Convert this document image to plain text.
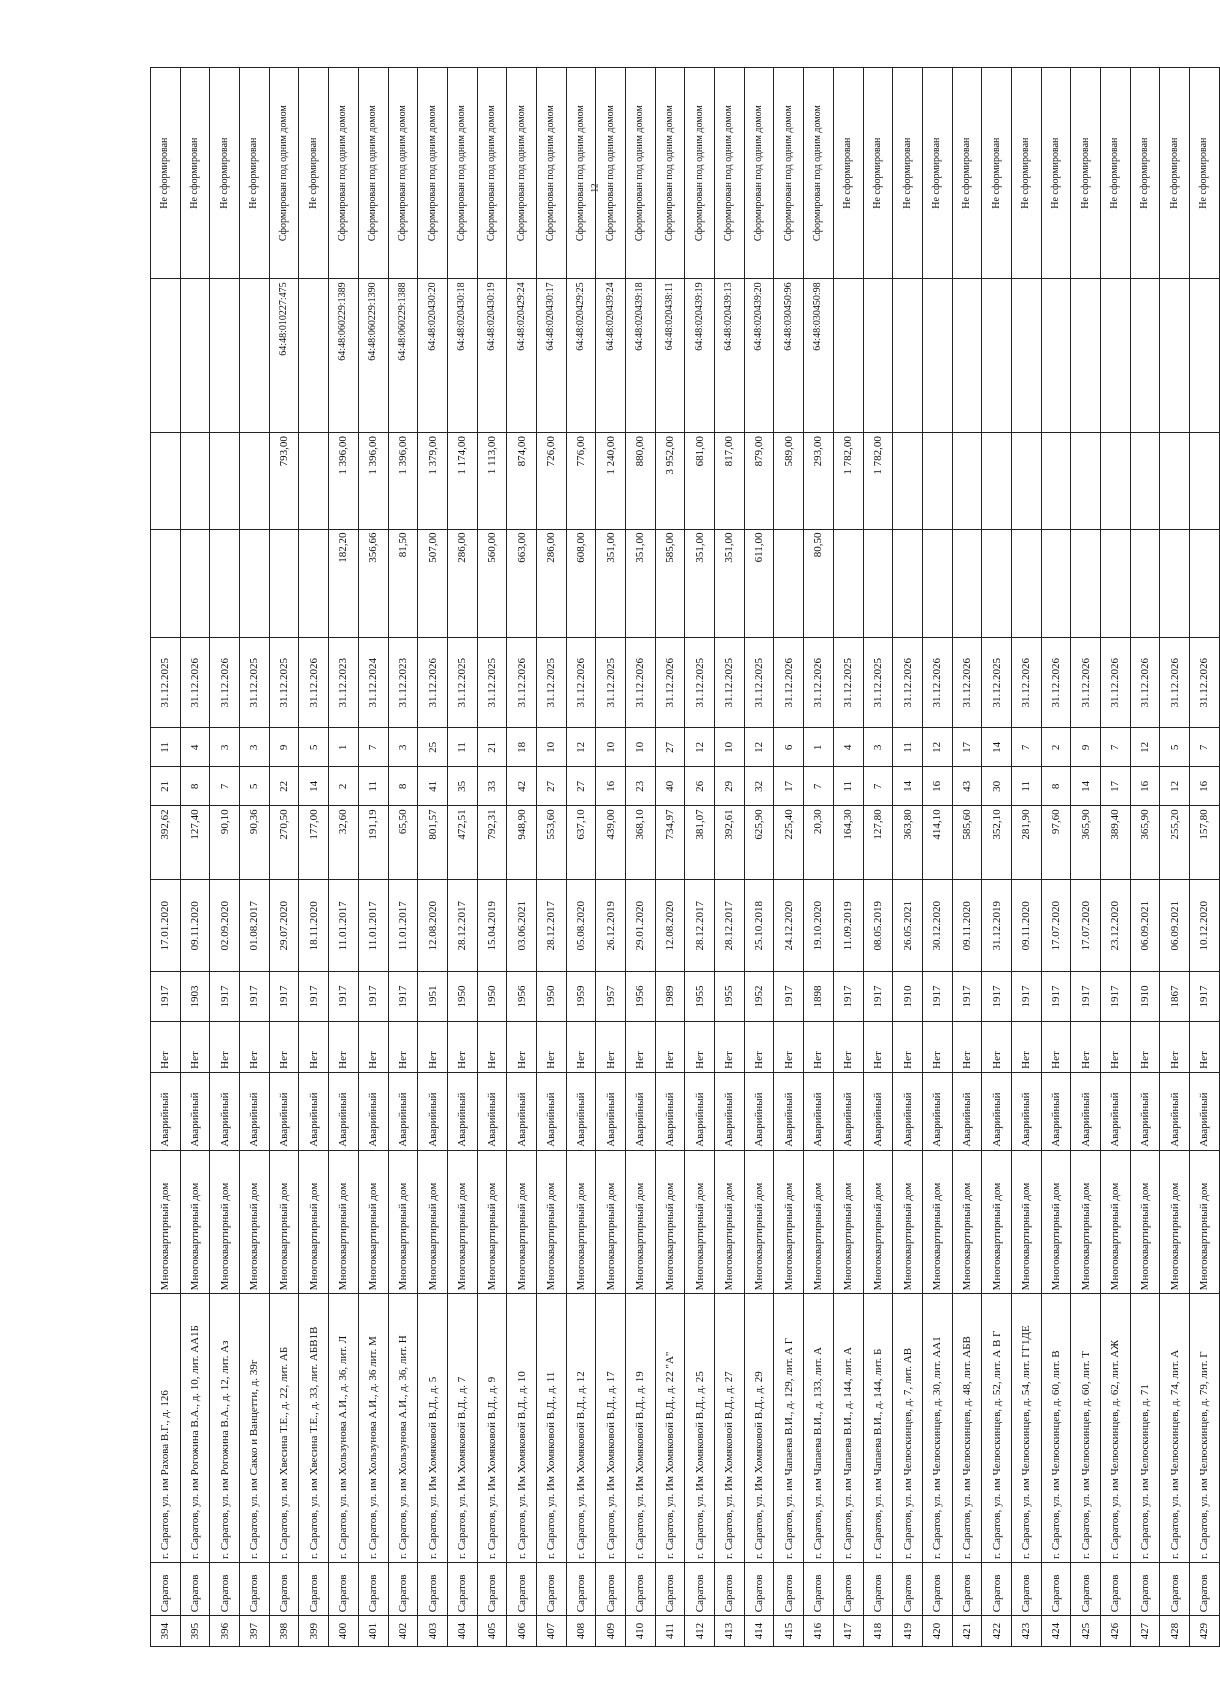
12
394	Саратов	г. Саратов, ул. им Рахова В.Г., д. 126	Многоквартирный дом	Аварийный	Нет	1917	17.01.2020	392,62	21	11	31.12.2025				Не сформирован
395	Саратов	г. Саратов, ул. им Рогожина В.А., д. 10, лит. АА1Б	Многоквартирный дом	Аварийный	Нет	1903	09.11.2020	127,40	8	4	31.12.2026				Не сформирован
396	Саратов	г. Саратов, ул. им Рогожина В.А., д. 12, лит. Аз	Многоквартирный дом	Аварийный	Нет	1917	02.09.2020	90,10	7	3	31.12.2026				Не сформирован
397	Саратов	г. Саратов, ул. им Сакко и Ванцетти, д. 39г	Многоквартирный дом	Аварийный	Нет	1917	01.08.2017	90,36	5	3	31.12.2025				Не сформирован
398	Саратов	г. Саратов, ул. им Хвесина Т.Е., д. 22, лит. АБ	Многоквартирный дом	Аварийный	Нет	1917	29.07.2020	270,50	22	9	31.12.2025		793,00	64:48:010227:475	Сформирован под одним домом
399	Саратов	г. Саратов, ул. им Хвесина Т.Е., д. 33, лит. АБВ1В	Многоквартирный дом	Аварийный	Нет	1917	18.11.2020	177,00	14	5	31.12.2026				Не сформирован
400	Саратов	г. Саратов, ул. им Хользунова А.И., д. 36, лит. Л	Многоквартирный дом	Аварийный	Нет	1917	11.01.2017	32,60	2	1	31.12.2023	182,20	1 396,00	64:48:060229:1389	Сформирован под одним домом
401	Саратов	г. Саратов, ул. им Хользунова А.И., д. 36 лит. М	Многоквартирный дом	Аварийный	Нет	1917	11.01.2017	191,19	11	7	31.12.2024	356,66	1 396,00	64:48:060229:1390	Сформирован под одним домом
402	Саратов	г. Саратов, ул. им Хользунова А.И., д. 36, лит. Н	Многоквартирный дом	Аварийный	Нет	1917	11.01.2017	65,50	8	3	31.12.2023	81,50	1 396,00	64:48:060229:1388	Сформирован под одним домом
403	Саратов	г. Саратов, ул. Им Хомяковой В.Д., д. 5	Многоквартирный дом	Аварийный	Нет	1951	12.08.2020	801,57	41	25	31.12.2026	507,00	1 379,00	64:48:020430:20	Сформирован под одним домом
404	Саратов	г. Саратов, ул. Им Хомяковой В.Д., д. 7	Многоквартирный дом	Аварийный	Нет	1950	28.12.2017	472,51	35	11	31.12.2025	286,00	1 174,00	64:48:020430:18	Сформирован под одним домом
405	Саратов	г. Саратов, ул. Им Хомяковой В.Д., д. 9	Многоквартирный дом	Аварийный	Нет	1950	15.04.2019	792,31	33	21	31.12.2025	560,00	1 113,00	64:48:020430:19	Сформирован под одним домом
406	Саратов	г. Саратов, ул. Им Хомяковой В.Д., д. 10	Многоквартирный дом	Аварийный	Нет	1956	03.06.2021	948,90	42	18	31.12.2026	663,00	874,00	64:48:020429:24	Сформирован под одним домом
407	Саратов	г. Саратов, ул. Им Хомяковой В.Д., д. 11	Многоквартирный дом	Аварийный	Нет	1950	28.12.2017	553,60	27	10	31.12.2025	286,00	726,00	64:48:020430:17	Сформирован под одним домом
408	Саратов	г. Саратов, ул. Им Хомяковой В.Д., д. 12	Многоквартирный дом	Аварийный	Нет	1959	05.08.2020	637,10	27	12	31.12.2026	608,00	776,00	64:48:020429:25	Сформирован под одним домом
409	Саратов	г. Саратов, ул. Им Хомяковой В.Д., д. 17	Многоквартирный дом	Аварийный	Нет	1957	26.12.2019	439,00	16	10	31.12.2025	351,00	1 240,00	64:48:020439:24	Сформирован под одним домом
410	Саратов	г. Саратов, ул. Им Хомяковой В.Д., д. 19	Многоквартирный дом	Аварийный	Нет	1956	29.01.2020	368,10	23	10	31.12.2026	351,00	880,00	64:48:020439:18	Сформирован под одним домом
411	Саратов	г. Саратов, ул. Им Хомяковой В.Д., д. 22 "А"	Многоквартирный дом	Аварийный	Нет	1989	12.08.2020	734,97	40	27	31.12.2026	585,00	3 952,00	64:48:020438:11	Сформирован под одним домом
412	Саратов	г. Саратов, ул. Им Хомяковой В.Д., д. 25	Многоквартирный дом	Аварийный	Нет	1955	28.12.2017	381,07	26	12	31.12.2025	351,00	681,00	64:48:020439:19	Сформирован под одним домом
413	Саратов	г. Саратов, ул. Им Хомяковой В.Д., д. 27	Многоквартирный дом	Аварийный	Нет	1955	28.12.2017	392,61	29	10	31.12.2025	351,00	817,00	64:48:020439:13	Сформирован под одним домом
414	Саратов	г. Саратов, ул. Им Хомяковой В.Д., д. 29	Многоквартирный дом	Аварийный	Нет	1952	25.10.2018	625,90	32	12	31.12.2025	611,00	879,00	64:48:020439:20	Сформирован под одним домом
415	Саратов	г. Саратов, ул. им Чапаева В.И., д. 129, лит. А Г	Многоквартирный дом	Аварийный	Нет	1917	24.12.2020	225,40	17	6	31.12.2026		589,00	64:48:030450:96	Сформирован под одним домом
416	Саратов	г. Саратов, ул. им Чапаева В.И., д. 133, лит. А	Многоквартирный дом	Аварийный	Нет	1898	19.10.2020	20,30	7	1	31.12.2026	80,50	293,00	64:48:030450:98	Сформирован под одним домом
417	Саратов	г. Саратов, ул. им Чапаева В.И., д. 144, лит. А	Многоквартирный дом	Аварийный	Нет	1917	11.09.2019	164,30	11	4	31.12.2025		1 782,00		Не сформирован
418	Саратов	г. Саратов, ул. им Чапаева В.И., д. 144, лит. Б	Многоквартирный дом	Аварийный	Нет	1917	08.05.2019	127,80	7	3	31.12.2025		1 782,00		Не сформирован
419	Саратов	г. Саратов, ул. им Челюскинцев, д. 7, лит. АВ	Многоквартирный дом	Аварийный	Нет	1910	26.05.2021	363,80	14	11	31.12.2026				Не сформирован
420	Саратов	г. Саратов, ул. им Челюскинцев, д. 30, лит. АА1	Многоквартирный дом	Аварийный	Нет	1917	30.12.2020	414,10	16	12	31.12.2026				Не сформирован
421	Саратов	г. Саратов, ул. им Челюскинцев, д. 48, лит. АБВ	Многоквартирный дом	Аварийный	Нет	1917	09.11.2020	585,60	43	17	31.12.2026				Не сформирован
422	Саратов	г. Саратов, ул. им Челюскинцев, д. 52, лит. А В Г	Многоквартирный дом	Аварийный	Нет	1917	31.12.2019	352,10	30	14	31.12.2025				Не сформирован
423	Саратов	г. Саратов, ул. им Челюскинцев, д. 54, лит. ГГ1ДЕ	Многоквартирный дом	Аварийный	Нет	1917	09.11.2020	281,90	11	7	31.12.2026				Не сформирован
424	Саратов	г. Саратов, ул. им Челюскинцев, д. 60, лит. В	Многоквартирный дом	Аварийный	Нет	1917	17.07.2020	97,60	8	2	31.12.2026				Не сформирован
425	Саратов	г. Саратов, ул. им Челюскинцев, д. 60, лит. Т	Многоквартирный дом	Аварийный	Нет	1917	17.07.2020	365,90	14	9	31.12.2026				Не сформирован
426	Саратов	г. Саратов, ул. им Челюскинцев, д. 62, лит. АЖ	Многоквартирный дом	Аварийный	Нет	1917	23.12.2020	389,40	17	7	31.12.2026				Не сформирован
427	Саратов	г. Саратов, ул. им Челюскинцев, д. 71	Многоквартирный дом	Аварийный	Нет	1910	06.09.2021	365,90	16	12	31.12.2026				Не сформирован
428	Саратов	г. Саратов, ул. им Челюскинцев, д. 74, лит. А	Многоквартирный дом	Аварийный	Нет	1867	06.09.2021	255,20	12	5	31.12.2026				Не сформирован
429	Саратов	г. Саратов, ул. им Челюскинцев, д. 79, лит. Г	Многоквартирный дом	Аварийный	Нет	1917	10.12.2020	157,80	16	7	31.12.2026				Не сформирован
